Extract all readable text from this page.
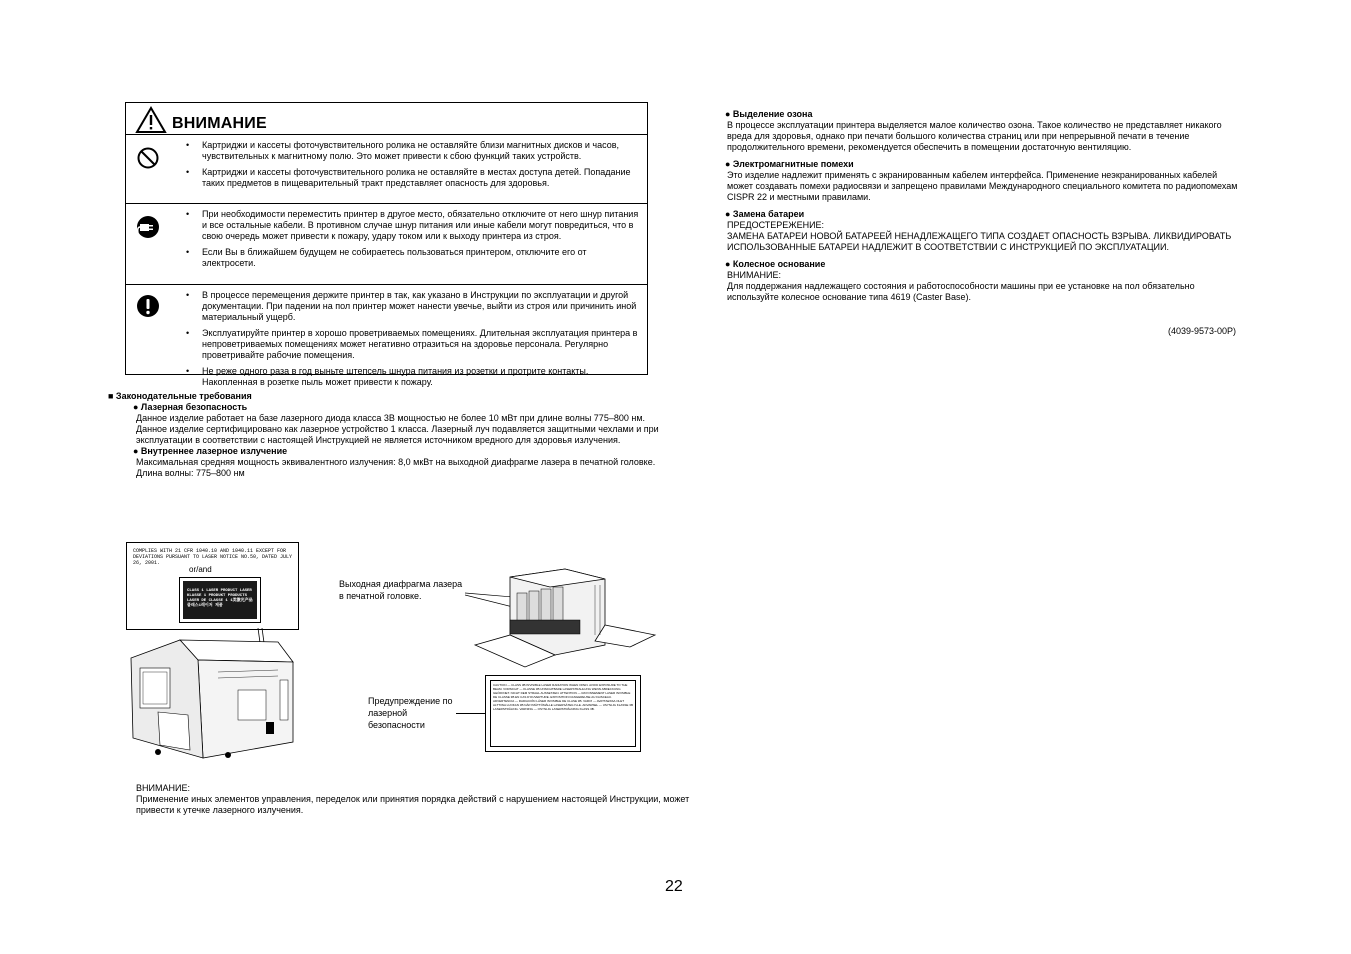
ВНИМАНИЕ
• Картриджи и кассеты фоточувствительного ролика не оставляйте близи магнитных дисков и часов, чувствительных к магнитному полю. Это может привести к сбою функций таких устройств.
• Картриджи и кассеты фоточувствительного ролика не оставляйте в местах доступа детей. Попадание таких предметов в пищеварительный тракт представляет опасность для здоровья.
• При необходимости переместить принтер в другое место, обязательно отключите от него шнур питания и все остальные кабели. В противном случае шнур питания или иные кабели могут повредиться, что в свою очередь может привести к пожару, удару током или к выходу принтера из строя.
• Если Вы в ближайшем будущем не собираетесь пользоваться принтером, отключите его от электросети.
• В процессе перемещения держите принтер в так, как указано в Инструкции по эксплуатации и другой документации. При падении на пол принтер может нанести увечье, выйти из строя или причинить иной материальный ущерб.
• Эксплуатируйте принтер в хорошо проветриваемых помещениях. Длительная эксплуатация принтера в непроветриваемых помещениях может негативно отразиться на здоровье персонала. Регулярно проветривайте рабочие помещения.
• Не реже одного раза в год выньте штепсель шнура питания из розетки и протрите контакты. Накопленная в розетке пыль может привести к пожару.
■ Законодательные требования
● Лазерная безопасность
Данное изделие работает на базе лазерного диода класса 3В мощностью не более 10 мВт при длине волны 775–800 нм. Данное изделие сертифицировано как лазерное устройство 1 класса. Лазерный луч подавляется защитными чехлами и при эксплуатации в соответствии с настоящей Инструкцией не является источником вредного для здоровья излучения.
● Внутреннее лазерное излучение
Максимальная средняя мощность эквивалентного излучения: 8,0 мкВт на выходной диафрагме лазера в печатной головке.
Длина волны: 775–800 нм
● Выделение озона
В процессе эксплуатации принтера выделяется малое количество озона. Такое количество не представляет никакого вреда для здоровья, однако при печати большого количества страниц или при непрерывной печати в течение продолжительного времени, рекомендуется обеспечить в помещении достаточную вентиляцию.
● Электромагнитные помехи
Это изделие надлежит применять с экранированным кабелем интерфейса. Применение неэкранированных кабелей может создавать помехи радиосвязи и запрещено правилами Международного специального комитета по радиопомехам CISPR 22 и местными правилами.
● Замена батареи
ПРЕДОСТЕРЕЖЕНИЕ:
ЗАМЕНА БАТАРЕИ НОВОЙ БАТАРЕЕЙ НЕНАДЛЕЖАЩЕГО ТИПА СОЗДАЕТ ОПАСНОСТЬ ВЗРЫВА. ЛИКВИДИРОВАТЬ ИСПОЛЬЗОВАННЫЕ БАТАРЕИ НАДЛЕЖИТ В СООТВЕТСТВИИ С ИНСТРУКЦИЕЙ ПО ЭКСПЛУАТАЦИИ.
● Колесное основание
ВНИМАНИЕ:
Для поддержания надлежащего состояния и работоспособности машины при ее установке на пол обязательно используйте колесное основание типа 4619 (Caster Base).
(4039-9573-00P)
COMPLIES WITH 21 CFR 1040.10 AND 1040.11 EXCEPT FOR DEVIATIONS PURSUANT TO LASER NOTICE NO.50, DATED JULY 26, 2001.
or/and
CLASS 1 LASER PRODUCT LASER KLASSE 1 PRODUKT PRODUCTS LASER DE CLASSE 1 1类激光产品 클래스1레이저 제품
Выходная диафрагма лазера в печатной головке.
Предупреждение по лазерной безопасности
CAUTION — CLASS 3B INVISIBLE LASER RADIATION WHEN OPEN. AVOID EXPOSURE TO THE BEAM. VORSICHT — KLASSE 3B UNSICHTBARE LASERSTRAHLUNG WENN ABDECKUNG GEÖFFNET. NICHT DEM STRAHL AUSSETZEN. ATTENTION — RAYONNEMENT LASER INVISIBLE DE CLASSE 3B EN CAS D'OUVERTURE. EXPOSITION DANGEREUSE AU FAISCEAU. ADVERTENCIA — RADIACIÓN LÁSER INVISIBLE DE CLASE 3B. VARO! — AVATTAESSA OLET ALTTIINA LUOKAN 3B NÄKYMÄTTÖMÄLLE LASERSÄTEILYLLE. ADVARSEL — USYNLIG KLASSE 3B LASERSTRÅLING. VARNING — OSYNLIG LASERSTRÅLNING KLASS 3B.
ВНИМАНИЕ:
Применение иных элементов управления, переделок или принятия порядка действий с нарушением настоящей Инструкции, может привести к утечке лазерного излучения.
22
